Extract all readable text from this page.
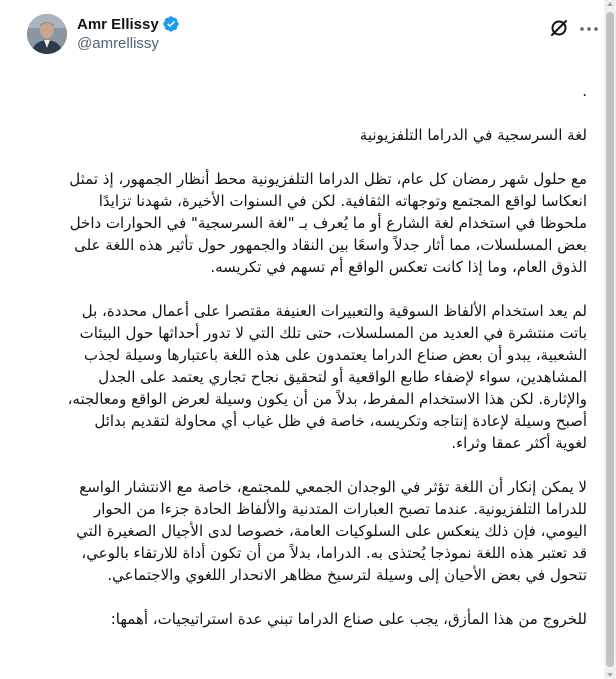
Amr Ellissy
@amrellissy

.

لغة السرسجية في الدراما التلفزيونية

مع حلول شهر رمضان كل عام، تظل الدراما التلفزيونية محط أنظار الجمهور، إذ تمثل
انعكاسا لواقع المجتمع وتوجهاته الثقافية. لكن في السنوات الأخيرة، شهدنا تزايدًا
ملحوظا في استخدام لغة الشارع أو ما يُعرف بـ "لغة السرسجية" في الحوارات داخل
بعض المسلسلات، مما أثار جدلاً واسعًا بين النقاد والجمهور حول تأثير هذه اللغة على
الذوق العام، وما إذا كانت تعكس الواقع أم تسهم في تكريسه.

لم يعد استخدام الألفاظ السوقية والتعبيرات العنيفة مقتصرا على أعمال محددة، بل
باتت منتشرة في العديد من المسلسلات، حتى تلك التي لا تدور أحداثها حول البيئات
الشعبية، يبدو أن بعض صناع الدراما يعتمدون على هذه اللغة باعتبارها وسيلة لجذب
المشاهدين، سواء لإضفاء طابع الواقعية أو لتحقيق نجاح تجاري يعتمد على الجدل
والإثارة. لكن هذا الاستخدام المفرط، بدلاً من أن يكون وسيلة لعرض الواقع ومعالجته،
أصبح وسيلة لإعادة إنتاجه وتكريسه، خاصة في ظل غياب أي محاولة لتقديم بدائل
لغوية أكثر عمقا وثراء.

لا يمكن إنكار أن اللغة تؤثر في الوجدان الجمعي للمجتمع، خاصة مع الانتشار الواسع
للدراما التلفزيونية. عندما تصبح العبارات المتدنية والألفاظ الحادة جزءا من الحوار
اليومي، فإن ذلك ينعكس على السلوكيات العامة، خصوصا لدى الأجيال الصغيرة التي
قد تعتبر هذه اللغة نموذجا يُحتذى به. الدراما، بدلاً من أن تكون أداة للارتقاء بالوعي،
تتحول في بعض الأحيان إلى وسيلة لترسيخ مظاهر الانحدار اللغوي والاجتماعي.

للخروج من هذا المأزق، يجب على صناع الدراما تبني عدة استراتيجيات، أهمها:
